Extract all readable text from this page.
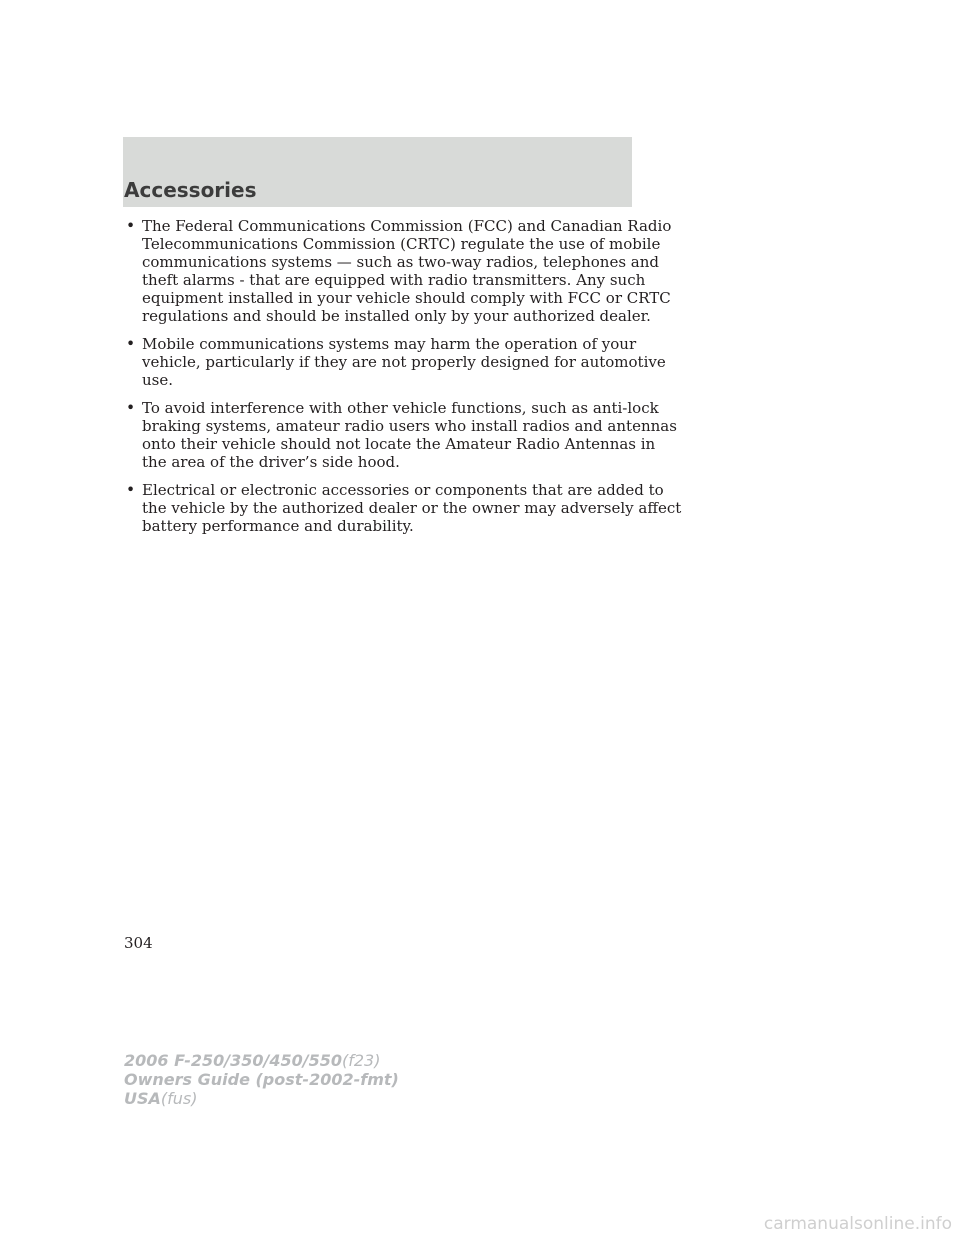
Accessories
• The Federal Communications Commission (FCC) and Canadian Radio
Telecommunications Commission (CRTC) regulate the use of mobile
communications systems — such as two-way radios, telephones and
theft alarms - that are equipped with radio transmitters. Any such
equipment installed in your vehicle should comply with FCC or CRTC
regulations and should be installed only by your authorized dealer.
• Mobile communications systems may harm the operation of your
vehicle, particularly if they are not properly designed for automotive
use.
• To avoid interference with other vehicle functions, such as anti-lock
braking systems, amateur radio users who install radios and antennas
onto their vehicle should not locate the Amateur Radio Antennas in
the area of the driver’s side hood.
• Electrical or electronic accessories or components that are added to
the vehicle by the authorized dealer or the owner may adversely affect
battery performance and durability.
304
2006 F-250/350/450/550(f23)
Owners Guide (post-2002-fmt)
USA(fus)
carmanualsonline.info
